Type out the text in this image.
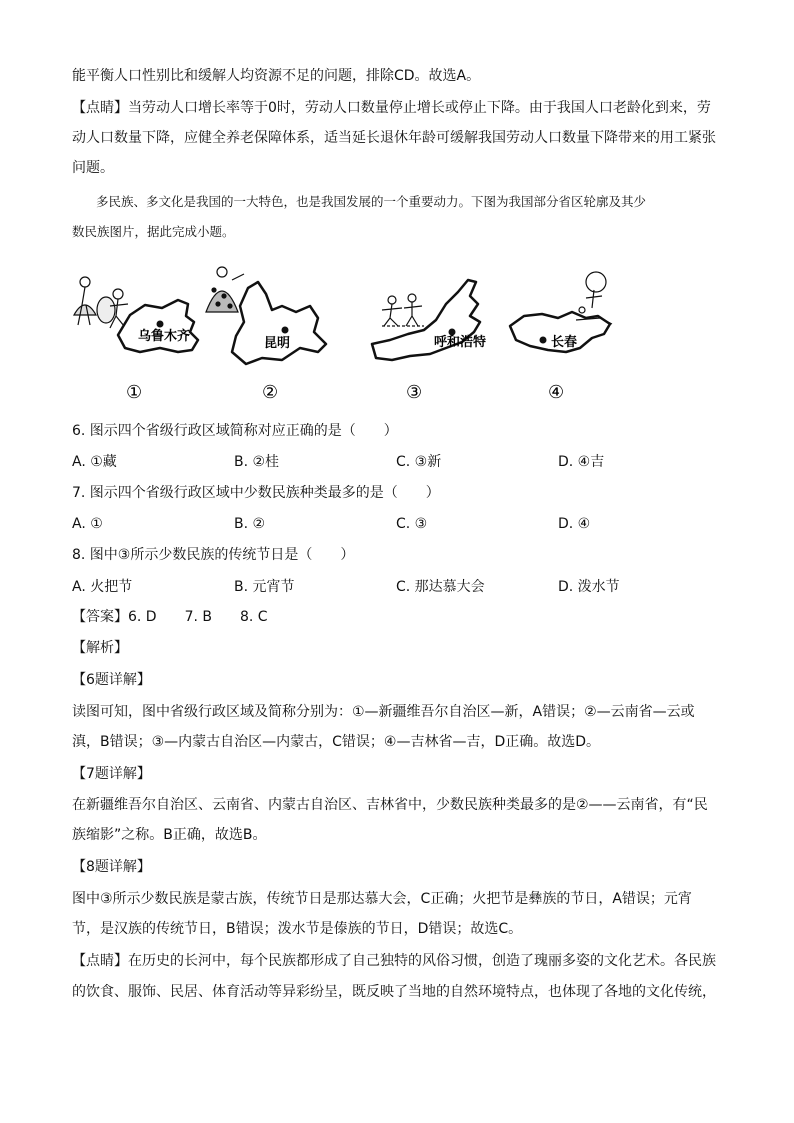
能平衡人口性别比和缓解人均资源不足的问题，排除CD。故选A。
【点睛】当劳动人口增长率等于0时，劳动人口数量停止增长或停止下降。由于我国人口老龄化到来，劳
动人口数量下降，应健全养老保障体系，适当延长退休年龄可缓解我国劳动人口数量下降带来的用工紧张
问题。
多民族、多文化是我国的一大特色，也是我国发展的一个重要动力。下图为我国部分省区轮廓及其少
数民族图片，据此完成小题。
乌鲁木齐
①
昆明
②
呼和浩特
③
长春
④
6. 图示四个省级行政区域简称对应正确的是（　　）
A. ①藏	B. ②桂	C. ③新	D. ④吉
7. 图示四个省级行政区域中少数民族种类最多的是（　　）
A. ①	B. ②	C. ③	D. ④
8. 图中③所示少数民族的传统节日是（　　）
A. 火把节	B. 元宵节	C. 那达慕大会	D. 泼水节
【答案】6. D　　7. B　　8. C
【解析】
【6题详解】
读图可知，图中省级行政区域及简称分别为：①—新疆维吾尔自治区—新，A错误；②—云南省—云或
滇，B错误；③—内蒙古自治区—内蒙古，C错误；④—吉林省—吉，D正确。故选D。
【7题详解】
在新疆维吾尔自治区、云南省、内蒙古自治区、吉林省中，少数民族种类最多的是②——云南省，有“民
族缩影”之称。B正确，故选B。
【8题详解】
图中③所示少数民族是蒙古族，传统节日是那达慕大会，C正确；火把节是彝族的节日，A错误；元宵
节，是汉族的传统节日，B错误；泼水节是傣族的节日，D错误；故选C。
【点睛】在历史的长河中，每个民族都形成了自己独特的风俗习惯，创造了瑰丽多姿的文化艺术。各民族
的饮食、服饰、民居、体育活动等异彩纷呈，既反映了当地的自然环境特点，也体现了各地的文化传统，
